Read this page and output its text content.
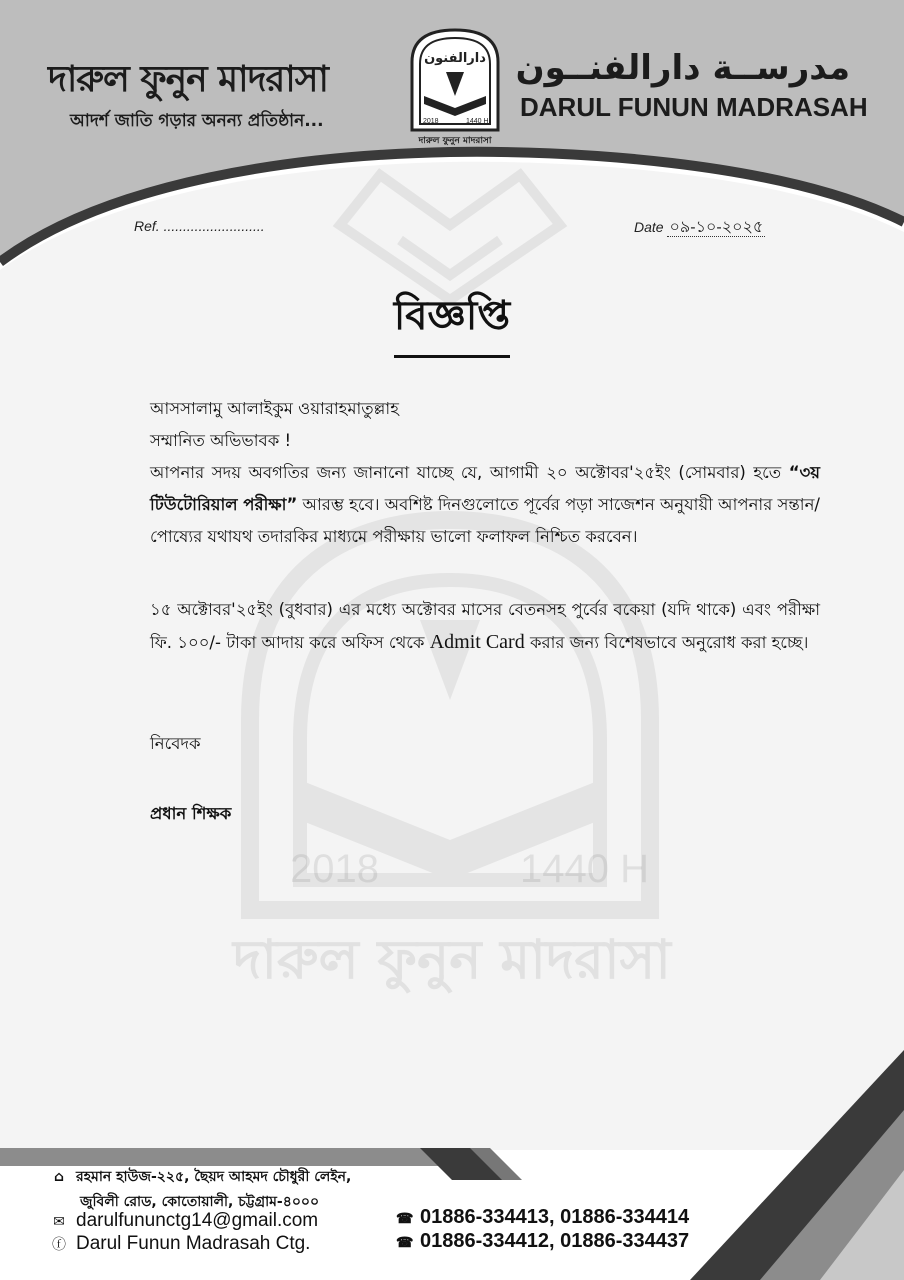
2018	1440 H
দারুল ফুনুন মাদরাসা
دارالفنون
2018	1440 H
দারুল ফুনুন মাদরাসা
দারুল ফুনুন মাদরাসা
আদর্শ জাতি গড়ার অনন্য প্রতিষ্ঠান...
مدرســة دارالفنــون
DARUL FUNUN MADRASAH
Ref. ..........................	Date ০৯-১০-২০২৫
বিজ্ঞপ্তি
আসসালামু আলাইকুম ওয়ারাহমাতুল্লাহ
সম্মানিত অভিভাবক !
আপনার সদয় অবগতির জন্য জানানো যাচ্ছে যে, আগামী ২০ অক্টোবর'২৫ইং (সোমবার) হতে “৩য় টিউটোরিয়াল পরীক্ষা” আরম্ভ হবে। অবশিষ্ট দিনগুলোতে পূর্বের পড়া সাজেশন অনুযায়ী আপনার সন্তান/পোষ্যের যথাযথ তদারকির মাধ্যমে পরীক্ষায় ভালো ফলাফল নিশ্চিত করবেন।
১৫ অক্টোবর'২৫ইং (বুধবার) এর মধ্যে অক্টোবর মাসের বেতনসহ পুর্বের বকেয়া (যদি থাকে) এবং পরীক্ষা ফি. ১০০/- টাকা আদায় করে অফিস থেকে Admit Card করার জন্য বিশেষভাবে অনুরোধ করা হচ্ছে।
নিবেদক
প্রধান শিক্ষক
⌂ রহমান হাউজ-২২৫, ছৈয়দ আহমদ চৌধুরী লেইন,
জুবিলী রোড, কোতোয়ালী, চট্টগ্রাম-৪০০০
✉ darulfununctg14@gmail.com
ⓕ Darul Funun Madrasah Ctg.
☎ 01886-334413, 01886-334414
☎ 01886-334412, 01886-334437
